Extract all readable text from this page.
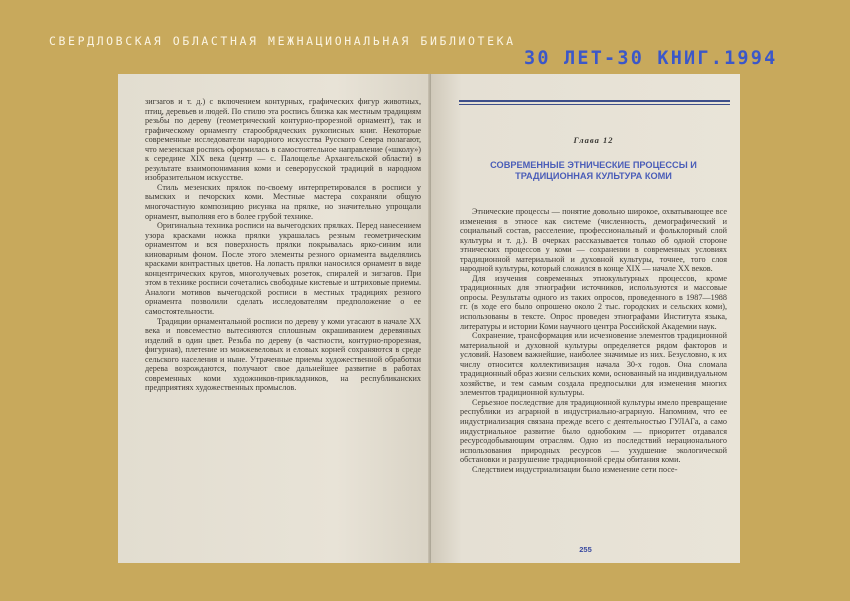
СВЕРДЛОВСКАЯ ОБЛАСТНАЯ МЕЖНАЦИОНАЛЬНАЯ БИБЛИОТЕКА
30 ЛЕТ-30 КНИГ.1994

зигзагов и т. д.) с включением контурных, графических фигур животных, птиц, деревьев и людей. По стилю эта роспись близка как местным традициям резьбы по дереву (геометрический контурно-прорезной орнамент), так и графическому орнаменту старообрядческих рукописных книг. Некоторые современные исследователи народного искусства Русского Севера полагают, что мезенская роспись оформилась в самостоятельное направление («школу») к середине XIX века (центр — с. Палощелье Архангельской области) в результате взаимопонимания коми и северорусской традиций в народном изобразительном искусстве.

Стиль мезенских прялок по-своему интерпретировался в росписи у вымских и печорских коми. Местные мастера сохраняли общую многочастную композицию рисунка на прялке, но значительно упрощали орнамент, выполняя его в более грубой технике.

Оригинальна техника росписи на вычегодских прялках. Перед нанесением узора красками ножка прялки украшалась резным геометрическим орнаментом и вся поверхность прялки покрывалась ярко-синим или киноварным фоном. После этого элементы резного орнамента выделялись красками контрастных цветов. На лопасть прялки наносился орнамент в виде концентрических кругов, многолучевых розеток, спиралей и зигзагов. При этом в технике росписи сочетались свободные кистевые и штриховые приемы. Аналоги мотивов вычегодской росписи в местных традициях резного орнамента позволили сделать исследователям предположение о ее самостоятельности.

Традиции орнаментальной росписи по дереву у коми угасают в начале XX века и повсеместно вытесняются сплошным окрашиванием деревянных изделий в один цвет. Резьба по дереву (в частности, контурно-прорезная, фигурная), плетение из можжевеловых и еловых корней сохраняются в среде сельского населения и ныне. Утраченные приемы художественной обработки дерева возрождаются, получают свое дальнейшее развитие в работах современных коми художников-прикладников, на республиканских предприятиях художественных промыслов.

Глава 12
СОВРЕМЕННЫЕ ЭТНИЧЕСКИЕ ПРОЦЕССЫ И ТРАДИЦИОННАЯ КУЛЬТУРА КОМИ

Этнические процессы — понятие довольно широкое, охватывающее все изменения в этносе как системе (численность, демографический и социальный состав, расселение, профессиональный и фольклорный слой культуры и т. д.). В очерках рассказывается только об одной стороне этнических процессов у коми — сохранении в современных условиях традиционной материальной и духовной культуры, точнее, того слоя народной культуры, который сложился в конце XIX — начале XX веков.

Для изучения современных этнокультурных процессов, кроме традиционных для этнографии источников, используются и массовые опросы. Результаты одного из таких опросов, проведенного в 1987—1988 гг. (в ходе его было опрошено около 2 тыс. городских и сельских коми), использованы в тексте. Опрос проведен этнографами Института языка, литературы и истории Коми научного центра Российской Академии наук.

Сохранение, трансформация или исчезновение элементов традиционной материальной и духовной культуры определяется рядом факторов и условий. Назовем важнейшие, наиболее значимые из них. Безусловно, к их числу относится коллективизация начала 30-х годов. Она сломала традиционный образ жизни сельских коми, основанный на индивидуальном хозяйстве, и тем самым создала предпосылки для изменения многих элементов традиционной культуры.

Серьезное последствие для традиционной культуры имело превращение республики из аграрной в индустриально-аграрную. Напомним, что ее индустриализация связана прежде всего с деятельностью ГУЛАГа, а само индустриальное развитие было однобоким — приоритет отдавался ресурсодобывающим отраслям. Одно из последствий нерационального использования природных ресурсов — ухудшение экологической обстановки и разрушение традиционной среды обитания коми.

Следствием индустриализации было изменение сети посе-

255
